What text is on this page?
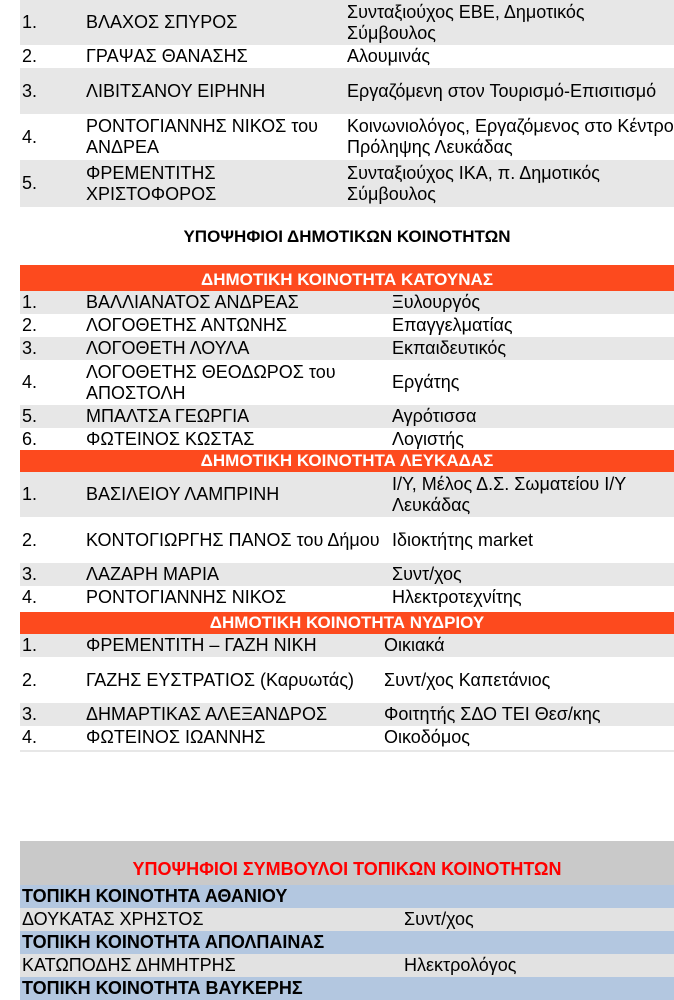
1.	ΒΛΑΧΟΣ ΣΠΥΡΟΣ	Συνταξιούχος ΕΒΕ, Δημοτικός Σύμβουλος
2.	ΓΡΑΨΑΣ ΘΑΝΑΣΗΣ	Αλουμινάς
3.	ΛΙΒΙΤΣΑΝΟΥ ΕΙΡΗΝΗ	Εργαζόμενη στον Τουρισμό-Επισιτισμό
4.	ΡΟΝΤΟΓΙΑΝΝΗΣ ΝΙΚΟΣ του ΑΝΔΡΕΑ	Κοινωνιολόγος, Εργαζόμενος στο Κέντρο Πρόληψης Λευκάδας
5.	ΦΡΕΜΕΝΤΙΤΗΣ ΧΡΙΣΤΟΦΟΡΟΣ	Συνταξιούχος ΙΚΑ, π. Δημοτικός Σύμβουλος
ΥΠΟΨΗΦΙΟΙ ΔΗΜΟΤΙΚΩΝ ΚΟΙΝΟΤΗΤΩΝ
ΔΗΜΟΤΙΚΗ ΚΟΙΝΟΤΗΤΑ ΚΑΤΟΥΝΑΣ		
1.	ΒΑΛΛΙΑΝΑΤΟΣ ΑΝΔΡΕΑΣ	Ξυλουργός
2.	ΛΟΓΟΘΕΤΗΣ ΑΝΤΩΝΗΣ	Επαγγελματίας
3.	ΛΟΓΟΘΕΤΗ ΛΟΥΛΑ	Εκπαιδευτικός
4.	ΛΟΓΟΘΕΤΗΣ ΘΕΟΔΩΡΟΣ του ΑΠΟΣΤΟΛΗ	Εργάτης
5.	ΜΠΑΛΤΣΑ ΓΕΩΡΓΙΑ	Αγρότισσα
6.	ΦΩΤΕΙΝΟΣ ΚΩΣΤΑΣ	Λογιστής
ΔΗΜΟΤΙΚΗ ΚΟΙΝΟΤΗΤΑ ΛΕΥΚΑΔΑΣ		
1.	ΒΑΣΙΛΕΙΟΥ ΛΑΜΠΡΙΝΗ	Ι/Υ, Μέλος Δ.Σ. Σωματείου Ι/Υ Λευκάδας
2.	ΚΟΝΤΟΓΙΩΡΓΗΣ ΠΑΝΟΣ του Δήμου	Ιδιοκτήτης market
3.	ΛΑΖΑΡΗ ΜΑΡΙΑ	Συντ/χος
4.	ΡΟΝΤΟΓΙΑΝΝΗΣ ΝΙΚΟΣ	Ηλεκτροτεχνίτης
ΔΗΜΟΤΙΚΗ ΚΟΙΝΟΤΗΤΑ ΝΥΔΡΙΟΥ		
1.	ΦΡΕΜΕΝΤΙΤΗ – ΓΑΖΗ ΝΙΚΗ	Οικιακά
2.	ΓΑΖΗΣ ΕΥΣΤΡΑΤΙΟΣ (Καρυωτάς)	Συντ/χος Καπετάνιος
3.	ΔΗΜΑΡΤΙΚΑΣ ΑΛΕΞΑΝΔΡΟΣ	Φοιτητής ΣΔΟ ΤΕΙ Θεσ/κης
4.	ΦΩΤΕΙΝΟΣ ΙΩΑΝΝΗΣ	Οικοδόμος
ΥΠΟΨΗΦΙΟΙ ΣΥΜΒΟΥΛΟΙ ΤΟΠΙΚΩΝ ΚΟΙΝΟΤΗΤΩΝ
ΤΟΠΙΚΗ ΚΟΙΝΟΤΗΤΑ ΑΘΑΝΙΟΥ	
ΔΟΥΚΑΤΑΣ ΧΡΗΣΤΟΣ	Συντ/χος
ΤΟΠΙΚΗ ΚΟΙΝΟΤΗΤΑ ΑΠΟΛΠΑΙΝΑΣ	
ΚΑΤΩΠΟΔΗΣ ΔΗΜΗΤΡΗΣ	Ηλεκτρολόγος
ΤΟΠΙΚΗ ΚΟΙΝΟΤΗΤΑ ΒΑΥΚΕΡΗΣ	
